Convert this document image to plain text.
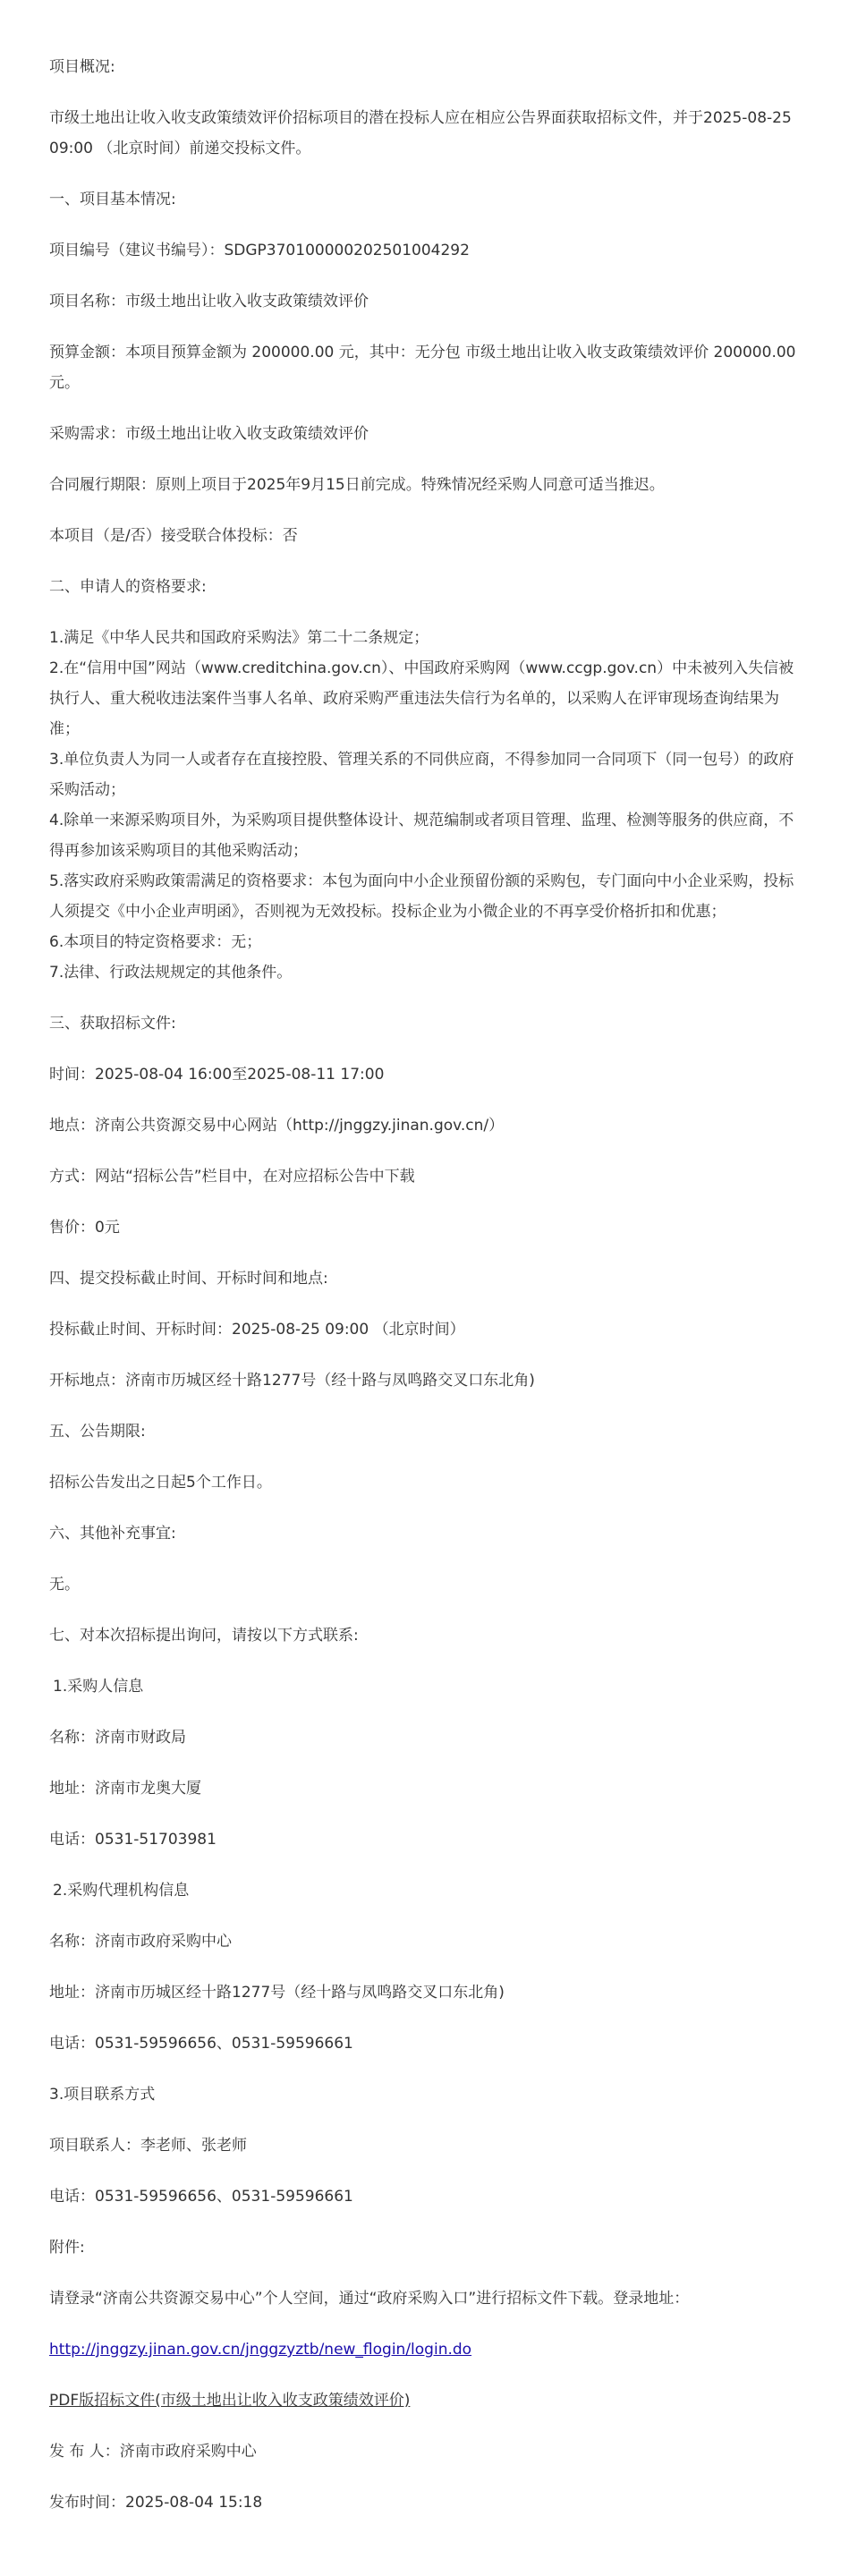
项目概况:

市级土地出让收入收支政策绩效评价招标项目的潜在投标人应在相应公告界面获取招标文件，并于2025-08-25 09:00 （北京时间）前递交投标文件。

一、项目基本情况:

项目编号（建议书编号）：SDGP370100000202501004292

项目名称：市级土地出让收入收支政策绩效评价

预算金额：本项目预算金额为 200000.00 元，其中：无分包 市级土地出让收入收支政策绩效评价 200000.00 元。

采购需求：市级土地出让收入收支政策绩效评价

合同履行期限：原则上项目于2025年9月15日前完成。特殊情况经采购人同意可适当推迟。

本项目（是/否）接受联合体投标：否

二、申请人的资格要求:

1.满足《中华人民共和国政府采购法》第二十二条规定；
2.在“信用中国”网站（www.creditchina.gov.cn）、中国政府采购网（www.ccgp.gov.cn）中未被列入失信被执行人、重大税收违法案件当事人名单、政府采购严重违法失信行为名单的，以采购人在评审现场查询结果为准；
3.单位负责人为同一人或者存在直接控股、管理关系的不同供应商，不得参加同一合同项下（同一包号）的政府采购活动；
4.除单一来源采购项目外，为采购项目提供整体设计、规范编制或者项目管理、监理、检测等服务的供应商，不得再参加该采购项目的其他采购活动；
5.落实政府采购政策需满足的资格要求：本包为面向中小企业预留份额的采购包，专门面向中小企业采购，投标人须提交《中小企业声明函》，否则视为无效投标。投标企业为小微企业的不再享受价格折扣和优惠；
6.本项目的特定资格要求：无；
7.法律、行政法规规定的其他条件。

三、获取招标文件:

时间：2025-08-04 16:00至2025-08-11 17:00

地点：济南公共资源交易中心网站（http://jnggzy.jinan.gov.cn/）

方式：网站“招标公告”栏目中，在对应招标公告中下载

售价：0元

四、提交投标截止时间、开标时间和地点:

投标截止时间、开标时间：2025-08-25 09:00 （北京时间）

开标地点：济南市历城区经十路1277号（经十路与凤鸣路交叉口东北角)

五、公告期限:

招标公告发出之日起5个工作日。

六、其他补充事宜:

无。

七、对本次招标提出询问，请按以下方式联系:

1.采购人信息

名称：济南市财政局

地址：济南市龙奥大厦

电话：0531-51703981

2.采购代理机构信息

名称：济南市政府采购中心

地址：济南市历城区经十路1277号（经十路与凤鸣路交叉口东北角)

电话：0531-59596656、0531-59596661

3.项目联系方式

项目联系人：李老师、张老师

电话：0531-59596656、0531-59596661

附件:

请登录“济南公共资源交易中心”个人空间，通过“政府采购入口”进行招标文件下载。登录地址：

http://jnggzy.jinan.gov.cn/jnggzyztb/new_flogin/login.do

PDF版招标文件(市级土地出让收入收支政策绩效评价)

发 布 人：济南市政府采购中心

发布时间：2025-08-04 15:18
